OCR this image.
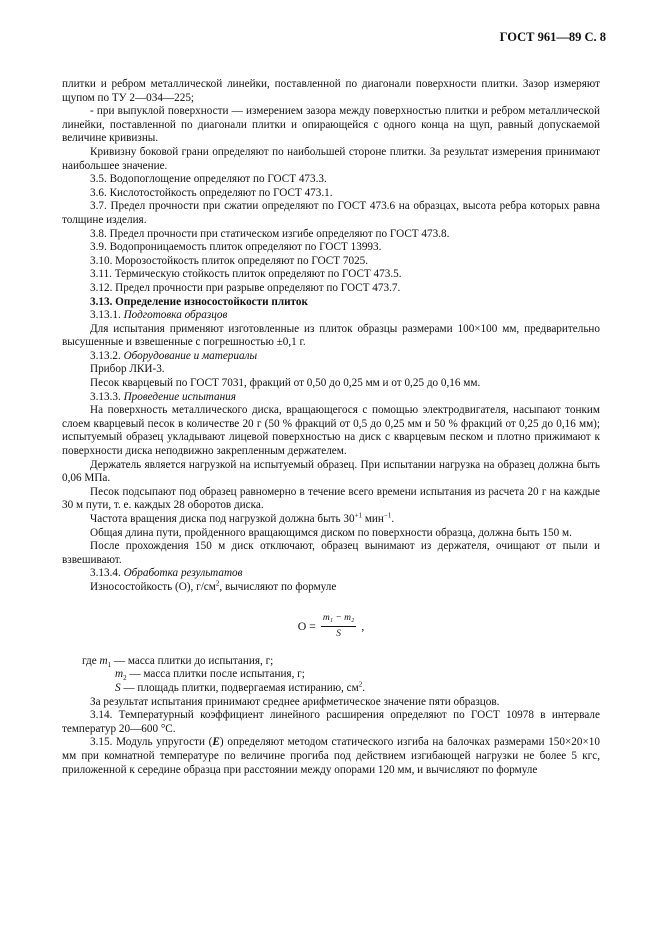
ГОСТ 961—89 С. 8

плитки и ребром металлической линейки, поставленной по диагонали поверхности плитки. Зазор измеряют щупом по ТУ 2—034—225;

- при выпуклой поверхности — измерением зазора между поверхностью плитки и ребром металлической линейки, поставленной по диагонали плитки и опирающейся с одного конца на щуп, равный допускаемой величине кривизны.

Кривизну боковой грани определяют по наибольшей стороне плитки. За результат измерения принимают наибольшее значение.

3.5. Водопоглощение определяют по ГОСТ 473.3.

3.6. Кислотостойкость определяют по ГОСТ 473.1.

3.7. Предел прочности при сжатии определяют по ГОСТ 473.6 на образцах, высота ребра которых равна толщине изделия.

3.8. Предел прочности при статическом изгибе определяют по ГОСТ 473.8.

3.9. Водопроницаемость плиток определяют по ГОСТ 13993.

3.10. Морозостойкость плиток определяют по ГОСТ 7025.

3.11. Термическую стойкость плиток определяют по ГОСТ 473.5.

3.12. Предел прочности при разрыве определяют по ГОСТ 473.7.

3.13. Определение износостойкости плиток

3.13.1. Подготовка образцов

Для испытания применяют изготовленные из плиток образцы размерами 100×100 мм, предварительно высушенные и взвешенные с погрешностью ±0,1 г.

3.13.2. Оборудование и материалы

Прибор ЛКИ-3.

Песок кварцевый по ГОСТ 7031, фракций от 0,50 до 0,25 мм и от 0,25 до 0,16 мм.

3.13.3. Проведение испытания

На поверхность металлического диска, вращающегося с помощью электродвигателя, насыпают тонким слоем кварцевый песок в количестве 20 г (50 % фракций от 0,5 до 0,25 мм и 50 % фракций от 0,25 до 0,16 мм); испытуемый образец укладывают лицевой поверхностью на диск с кварцевым песком и плотно прижимают к поверхности диска неподвижно закрепленным держателем.

Держатель является нагрузкой на испытуемый образец. При испытании нагрузка на образец должна быть 0,06 МПа.

Песок подсыпают под образец равномерно в течение всего времени испытания из расчета 20 г на каждые 30 м пути, т. е. каждых 28 оборотов диска.

Частота вращения диска под нагрузкой должна быть $30^{+1}$ мин$^{-1}$.

Общая длина пути, пройденного вращающимся диском по поверхности образца, должна быть 150 м.

После прохождения 150 м диск отключают, образец вынимают из держателя, очищают от пыли и взвешивают.

3.13.4. Обработка результатов

Износостойкость (О), $г/см^2$, вычисляют по формуле

$О = \frac{\text{m₁ − m₂}}{S}$ ,
где $m_1$ — масса плитки до испытания, г;
$m_2$ — масса плитки после испытания, г;
S — площадь плитки, подвергаемая истиранию, $см^2$.

За результат испытания принимают среднее арифметическое значение пяти образцов.

3.14. Температурный коэффициент линейного расширения определяют по ГОСТ 10978 в интервале температур 20—600 °С.

3.15. Модуль упругости (Е) определяют методом статического изгиба на балочках размерами 150×20×10 мм при комнатной температуре по величине прогиба под действием изгибающей нагрузки не более 5 кгс, приложенной к середине образца при расстоянии между опорами 120 мм, и вычисляют по формуле
